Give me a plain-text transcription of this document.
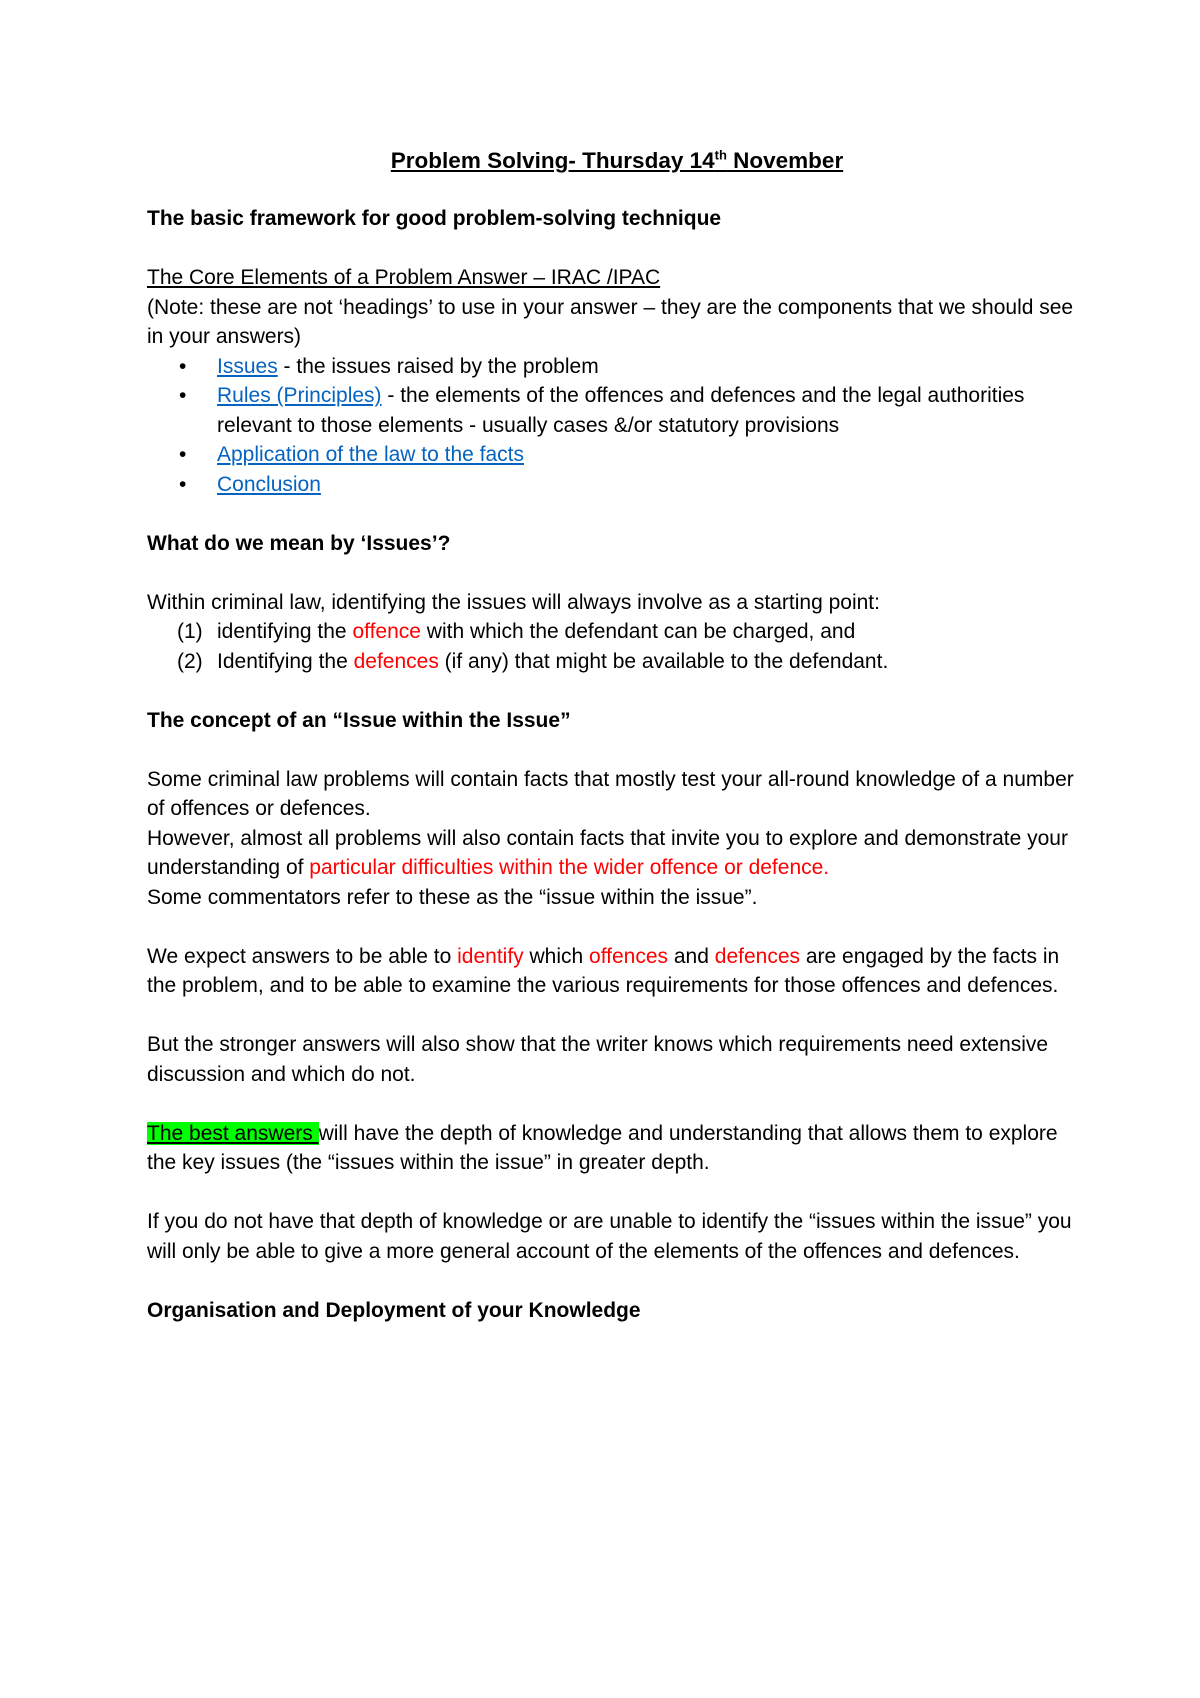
Problem Solving- Thursday 14th November

The basic framework for good problem-solving technique

The Core Elements of a Problem Answer – IRAC /IPAC

(Note: these are not ‘headings’ to use in your answer – they are the components that we should see in your answers)

• Issues - the issues raised by the problem
• Rules (Principles) - the elements of the offences and defences and the legal authorities relevant to those elements - usually cases &/or statutory provisions
• Application of the law to the facts
• Conclusion

What do we mean by ‘Issues’?

Within criminal law, identifying the issues will always involve as a starting point:

(1) identifying the offence with which the defendant can be charged, and
(2) Identifying the defences (if any) that might be available to the defendant.

The concept of an “Issue within the Issue”

Some criminal law problems will contain facts that mostly test your all-round knowledge of a number of offences or defences.

However, almost all problems will also contain facts that invite you to explore and demonstrate your understanding of particular difficulties within the wider offence or defence.

Some commentators refer to these as the “issue within the issue”.

We expect answers to be able to identify which offences and defences are engaged by the facts in the problem, and to be able to examine the various requirements for those offences and defences.

But the stronger answers will also show that the writer knows which requirements need extensive discussion and which do not.

The best answers will have the depth of knowledge and understanding that allows them to explore the key issues (the “issues within the issue” in greater depth.

If you do not have that depth of knowledge or are unable to identify the “issues within the issue” you will only be able to give a more general account of the elements of the offences and defences.

Organisation and Deployment of your Knowledge
